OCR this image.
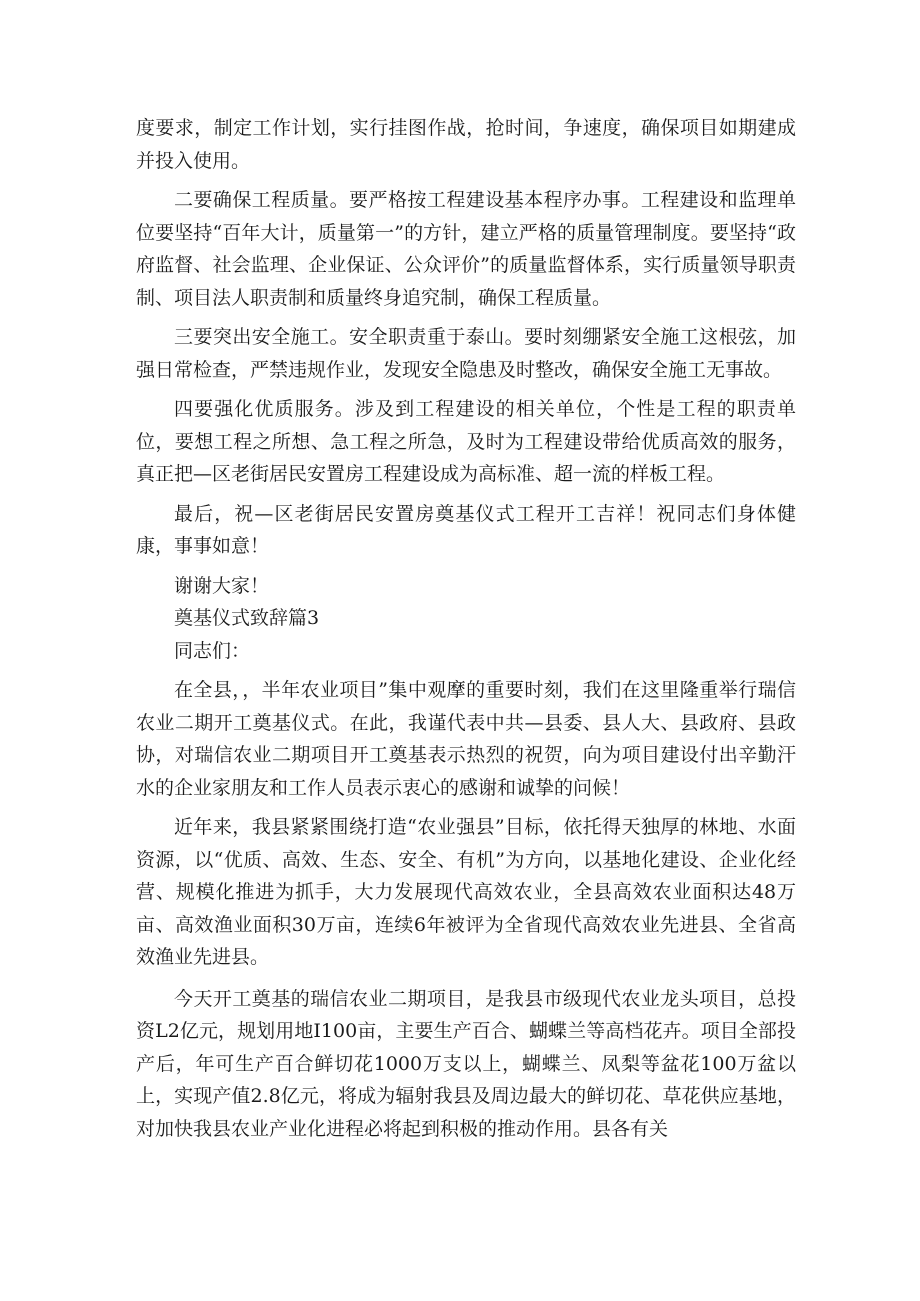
度要求，制定工作计划，实行挂图作战，抢时间，争速度，确保项目如期建成并投入使用。

二要确保工程质量。要严格按工程建设基本程序办事。工程建设和监理单位要坚持“百年大计，质量第一”的方针，建立严格的质量管理制度。要坚持“政府监督、社会监理、企业保证、公众评价”的质量监督体系，实行质量领导职责制、项目法人职责制和质量终身追究制，确保工程质量。

三要突出安全施工。安全职责重于泰山。要时刻绷紧安全施工这根弦，加强日常检查，严禁违规作业，发现安全隐患及时整改，确保安全施工无事故。

四要强化优质服务。涉及到工程建设的相关单位，个性是工程的职责单位，要想工程之所想、急工程之所急，及时为工程建设带给优质高效的服务，真正把—区老街居民安置房工程建设成为高标准、超一流的样板工程。

最后，祝—区老街居民安置房奠基仪式工程开工吉祥！祝同志们身体健康，事事如意！

谢谢大家！

奠基仪式致辞篇3

同志们：

在全县，，半年农业项目”集中观摩的重要时刻，我们在这里隆重举行瑞信农业二期开工奠基仪式。在此，我谨代表中共—县委、县人大、县政府、县政协，对瑞信农业二期项目开工奠基表示热烈的祝贺，向为项目建设付出辛勤汗水的企业家朋友和工作人员表示衷心的感谢和诚挚的问候！

近年来，我县紧紧围绕打造“农业强县”目标，依托得天独厚的林地、水面资源，以“优质、高效、生态、安全、有机”为方向，以基地化建设、企业化经营、规模化推进为抓手，大力发展现代高效农业，全县高效农业面积达48万亩、高效渔业面积30万亩，连续6年被评为全省现代高效农业先进县、全省高效渔业先进县。

今天开工奠基的瑞信农业二期项目，是我县市级现代农业龙头项目，总投资L2亿元，规划用地I100亩，主要生产百合、蝴蝶兰等高档花卉。项目全部投产后，年可生产百合鲜切花1000万支以上，蝴蝶兰、凤梨等盆花100万盆以上，实现产值2.8亿元，将成为辐射我县及周边最大的鲜切花、草花供应基地，对加快我县农业产业化进程必将起到积极的推动作用。县各有关
